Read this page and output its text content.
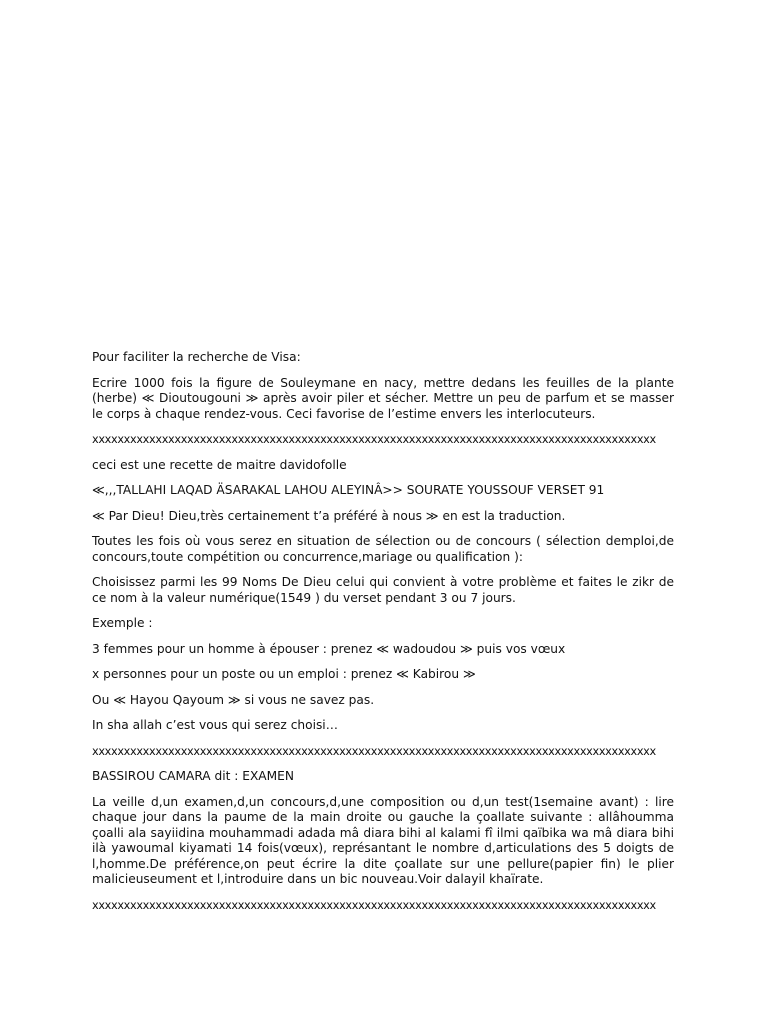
Pour faciliter la recherche de Visa:

Ecrire 1000 fois la figure de Souleymane en nacy, mettre dedans les feuilles de la plante (herbe) ≪ Dioutougouni ≫ après avoir piler et sécher. Mettre un peu de parfum et se masser le corps à chaque rendez-vous. Ceci favorise de l’estime envers les interlocuteurs.

xxxxxxxxxxxxxxxxxxxxxxxxxxxxxxxxxxxxxxxxxxxxxxxxxxxxxxxxxxxxxxxxxxxxxxxxxxxxxxxxxxxxxxxxx

ᴄeci est une recette de maitre davidofolle

≪,,,TALLAHI LAQAD ÄSARAKAL LAHOU ALEYINÂ>> SOURATE YOUSSOUF VERSET 91

≪ Par Dieu! Dieu,très certainement t’a préféré à nous ≫ en est la traduction.

Toutes les fois où vous serez en situation de sélection ou de concours ( sélection demploi,de concours,toute compétition ou concurrence,mariage ou qualification ):

Choisissez parmi les 99 Noms De Dieu celui qui convient à votre problème et faites le zikr de ce nom à la valeur numérique(1549 ) du verset pendant 3 ou 7 jours.

Exemple :

3 femmes pour un homme à épouser : prenez ≪ wadoudou ≫ puis vos vœux

x personnes pour un poste ou un emploi : prenez ≪ Kabirou ≫

Ou ≪ Hayou Qayoum ≫ si vous ne savez pas.

In sha allah c’est vous qui serez choisi…

xxxxxxxxxxxxxxxxxxxxxxxxxxxxxxxxxxxxxxxxxxxxxxxxxxxxxxxxxxxxxxxxxxxxxxxxxxxxxxxxxxxxxxxxx

BASSIROU CAMARA dit : EXAMEN

La veille d,un examen,d,un concours,d,une composition ou d,un test(1semaine avant) : lire chaque jour dans la paume de la main droite ou gauche la çoallate suivante : allâhoumma çoalli ala sayiidina mouhammadi adada mâ diara bihi al kalami fî ilmi qaïbika wa mâ diara bihi ilà yawoumal kiyamati 14 fois(vœux), représantant le nombre d,articulations des 5 doigts de l,homme.De préférence,on peut écrire la dite çoallate sur une pellure(papier fin) le plier malicieuseument et l,introduire dans un bic nouveau.Voir dalayil khaïrate.

xxxxxxxxxxxxxxxxxxxxxxxxxxxxxxxxxxxxxxxxxxxxxxxxxxxxxxxxxxxxxxxxxxxxxxxxxxxxxxxxxxxxxxxxx
